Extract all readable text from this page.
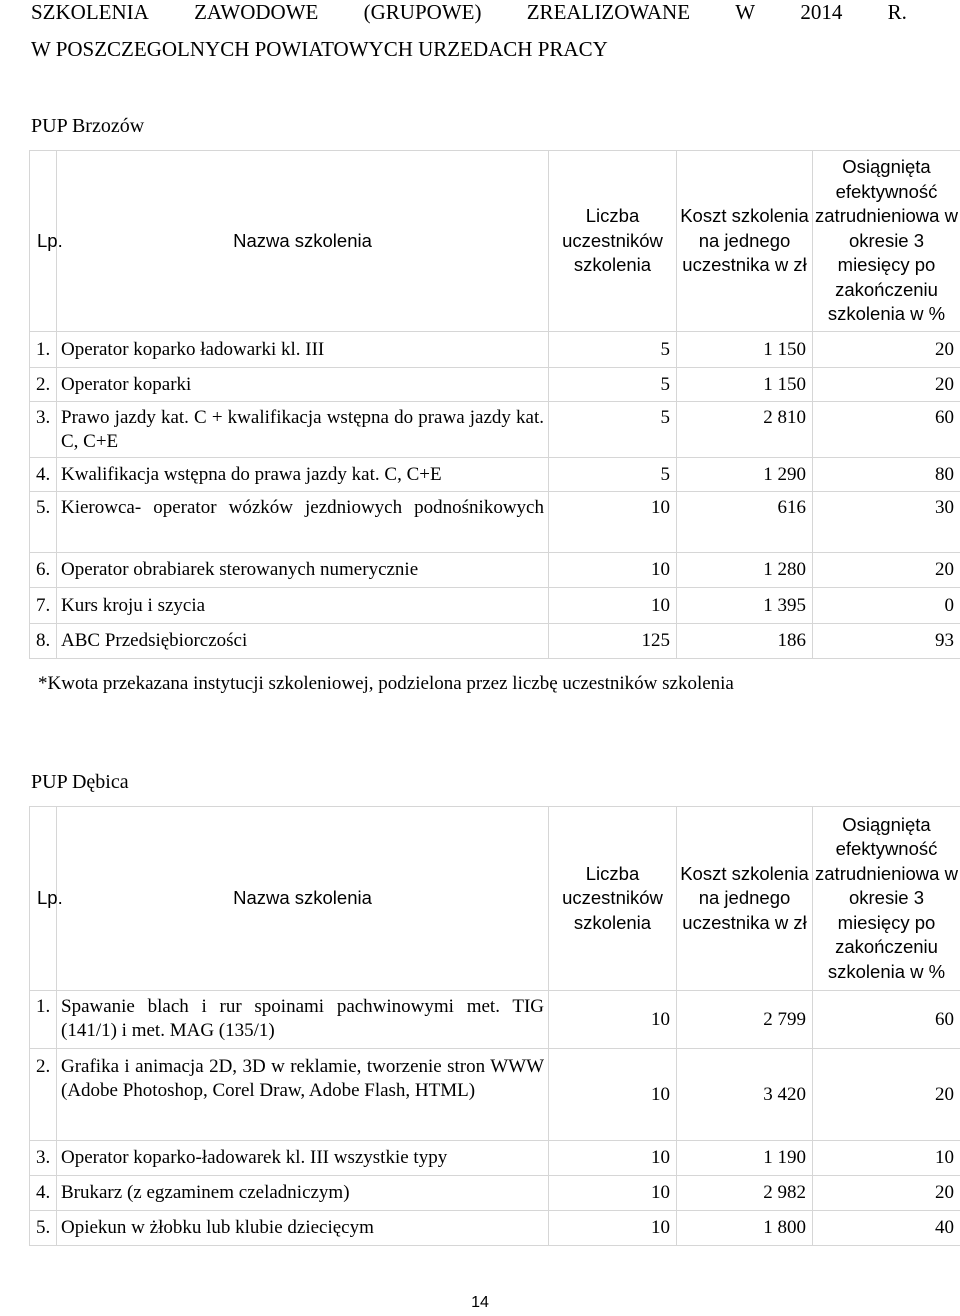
SZKOLENIA ZAWODOWE (GRUPOWE) ZREALIZOWANE W 2014 R.
W POSZCZEGOLNYCH POWIATOWYCH URZEDACH PRACY
PUP Brzozów
Lp.	Nazwa szkolenia	Liczba uczestników szkolenia	Koszt szkolenia na jednego uczestnika w zł	Osiągnięta efektywność zatrudnieniowa w okresie 3 miesięcy po zakończeniu szkolenia w %
1.	Operator koparko ładowarki kl. III	5	1 150	20
2.	Operator koparki	5	1 150	20
3.	Prawo jazdy kat. C + kwalifikacja wstępna do prawa jazdy kat. C, C+E	5	2 810	60
4.	Kwalifikacja wstępna do prawa jazdy kat. C, C+E	5	1 290	80
5.	Kierowca- operator wózków jezdniowych podnośnikowych	10	616	30
6.	Operator obrabiarek sterowanych numerycznie	10	1 280	20
7.	Kurs kroju i szycia	10	1 395	0
8.	ABC Przedsiębiorczości	125	186	93
*Kwota przekazana instytucji szkoleniowej, podzielona przez liczbę uczestników szkolenia
PUP Dębica
Lp.	Nazwa szkolenia	Liczba uczestników szkolenia	Koszt szkolenia na jednego uczestnika w zł	Osiągnięta efektywność zatrudnieniowa w okresie 3 miesięcy po zakończeniu szkolenia w %
1.	Spawanie blach i rur spoinami pachwinowymi met. TIG (141/1) i met. MAG (135/1)	10	2 799	60
2.	Grafika i animacja 2D, 3D w reklamie, tworzenie stron WWW (Adobe Photoshop, Corel Draw, Adobe Flash, HTML)	10	3 420	20
3.	Operator koparko-ładowarek kl. III wszystkie typy	10	1 190	10
4.	Brukarz (z egzaminem czeladniczym)	10	2 982	20
5.	Opiekun w żłobku lub klubie dziecięcym	10	1 800	40
14
